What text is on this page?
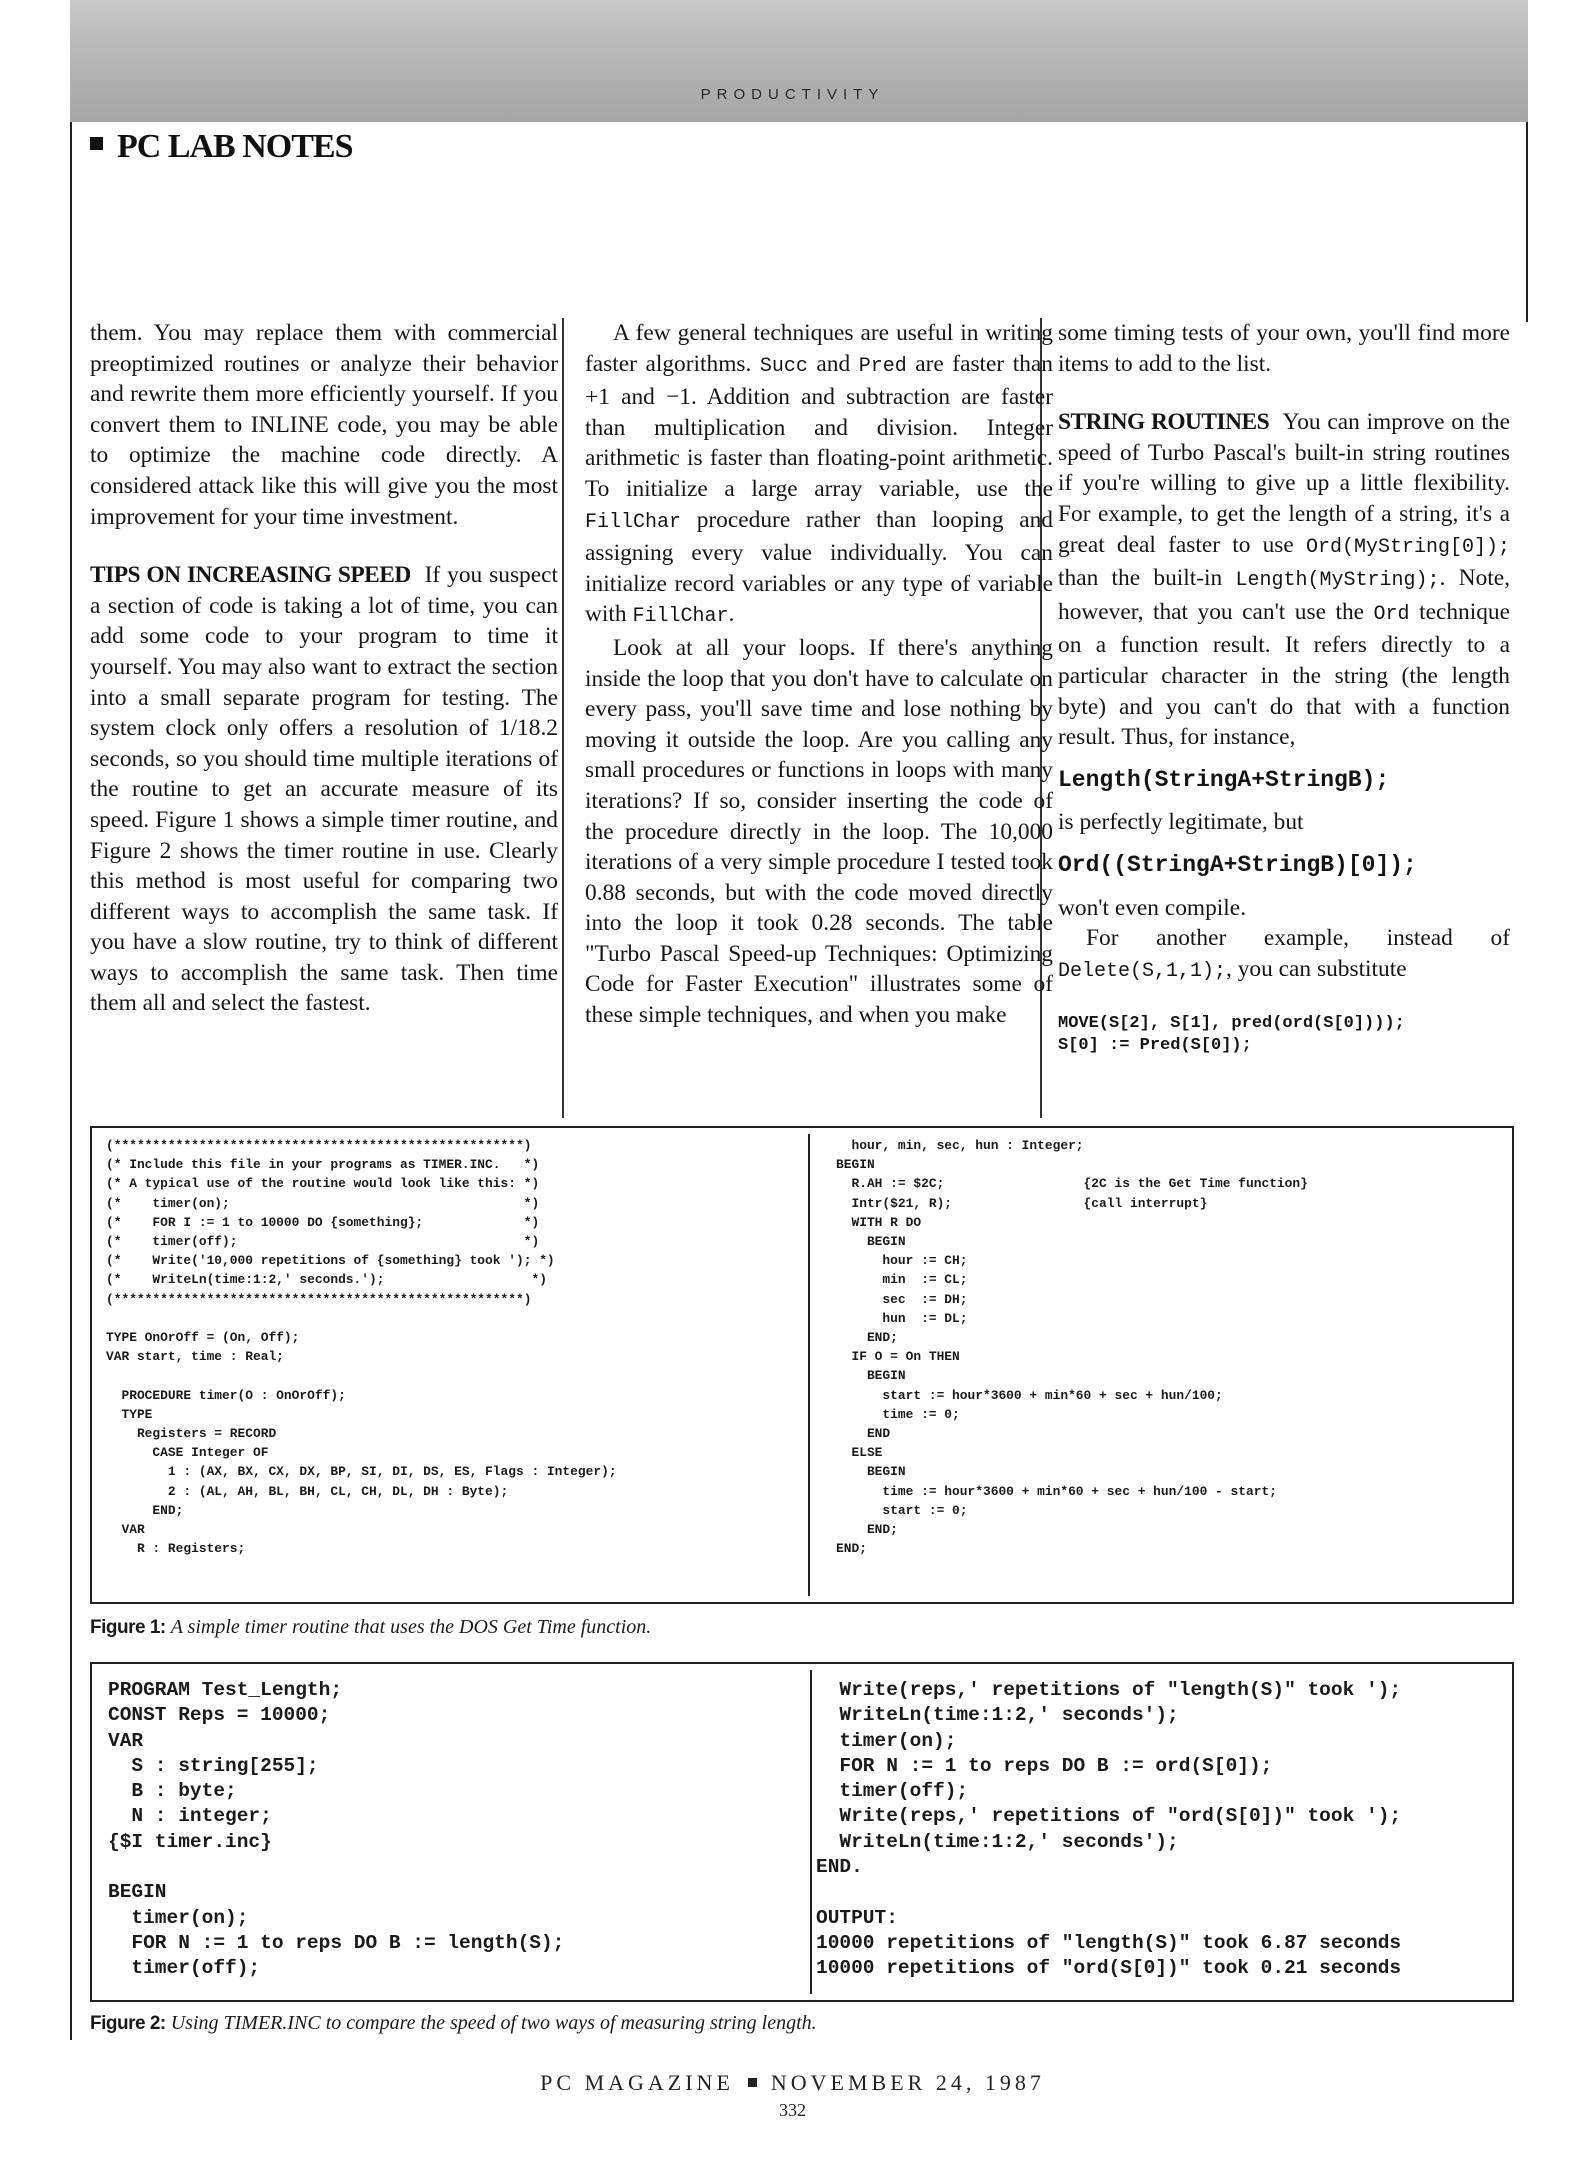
PRODUCTIVITY
PC LAB NOTES

them. You may replace them with commercial preoptimized routines or analyze their behavior and rewrite them more efficiently yourself. If you convert them to INLINE code, you may be able to optimize the machine code directly. A considered attack like this will give you the most improvement for your time investment.

TIPS ON INCREASING SPEED If you suspect a section of code is taking a lot of time, you can add some code to your program to time it yourself. You may also want to extract the section into a small separate program for testing. The system clock only offers a resolution of 1/18.2 seconds, so you should time multiple iterations of the routine to get an accurate measure of its speed. Figure 1 shows a simple timer routine, and Figure 2 shows the timer routine in use. Clearly this method is most useful for comparing two different ways to accomplish the same task. If you have a slow routine, try to think of different ways to accomplish the same task. Then time them all and select the fastest.

A few general techniques are useful in writing faster algorithms. Succ and Pred are faster than +1 and −1. Addition and subtraction are faster than multiplication and division. Integer arithmetic is faster than floating-point arithmetic. To initialize a large array variable, use the FillChar procedure rather than looping and assigning every value individually. You can initialize record variables or any type of variable with FillChar.

Look at all your loops. If there's anything inside the loop that you don't have to calculate on every pass, you'll save time and lose nothing by moving it outside the loop. Are you calling any small procedures or functions in loops with many iterations? If so, consider inserting the code of the procedure directly in the loop. The 10,000 iterations of a very simple procedure I tested took 0.88 seconds, but with the code moved directly into the loop it took 0.28 seconds. The table "Turbo Pascal Speed-up Techniques: Optimizing Code for Faster Execution" illustrates some of these simple techniques, and when you make

some timing tests of your own, you'll find more items to add to the list.

STRING ROUTINES You can improve on the speed of Turbo Pascal's built-in string routines if you're willing to give up a little flexibility. For example, to get the length of a string, it's a great deal faster to use Ord(MyString[0]); than the built-in Length(MyString);. Note, however, that you can't use the Ord technique on a function result. It refers directly to a particular character in the string (the length byte) and you can't do that with a function result. Thus, for instance,

Length(StringA+StringB);

is perfectly legitimate, but

Ord((StringA+StringB)[0]);

won't even compile.

For another example, instead of Delete(S,1,1);, you can substitute

MOVE(S[2], S[1], pred(ord(S[0])));
S[0] := Pred(S[0]);
(*****************************************************)
(* Include this file in your programs as TIMER.INC.   *)
(* A typical use of the routine would look like this: *)
(*    timer(on);                                      *)
(*    FOR I := 1 to 10000 DO {something};             *)
(*    timer(off);                                     *)
(*    Write('10,000 repetitions of {something} took '); *)
(*    WriteLn(time:1:2,' seconds.');                   *)
(*****************************************************)

TYPE OnOrOff = (On, Off);
VAR start, time : Real;

PROCEDURE timer(O : OnOrOff);
TYPE
Registers = RECORD
CASE Integer OF
1 : (AX, BX, CX, DX, BP, SI, DI, DS, ES, Flags : Integer);
2 : (AL, AH, BL, BH, CL, CH, DL, DH : Byte);
END;
VAR
R : Registers;
hour, min, sec, hun : Integer;
BEGIN
R.AH := $2C;                  {2C is the Get Time function}
Intr($21, R);                 {call interrupt}
WITH R DO
BEGIN
hour := CH;
min  := CL;
sec  := DH;
hun  := DL;
END;
IF O = On THEN
BEGIN
start := hour*3600 + min*60 + sec + hun/100;
time := 0;
END
ELSE
BEGIN
time := hour*3600 + min*60 + sec + hun/100 - start;
start := 0;
END;
END;
Figure 1: A simple timer routine that uses the DOS Get Time function.
PROGRAM Test_Length;
CONST Reps = 10000;
VAR
S : string[255];
B : byte;
N : integer;
{$I timer.inc}

BEGIN
timer(on);
FOR N := 1 to reps DO B := length(S);
timer(off);
Write(reps,' repetitions of "length(S)" took ');
WriteLn(time:1:2,' seconds');
timer(on);
FOR N := 1 to reps DO B := ord(S[0]);
timer(off);
Write(reps,' repetitions of "ord(S[0])" took ');
WriteLn(time:1:2,' seconds');
END.

OUTPUT:
10000 repetitions of "length(S)" took 6.87 seconds
10000 repetitions of "ord(S[0])" took 0.21 seconds
Figure 2: Using TIMER.INC to compare the speed of two ways of measuring string length.
PC MAGAZINE NOVEMBER 24, 1987
332
